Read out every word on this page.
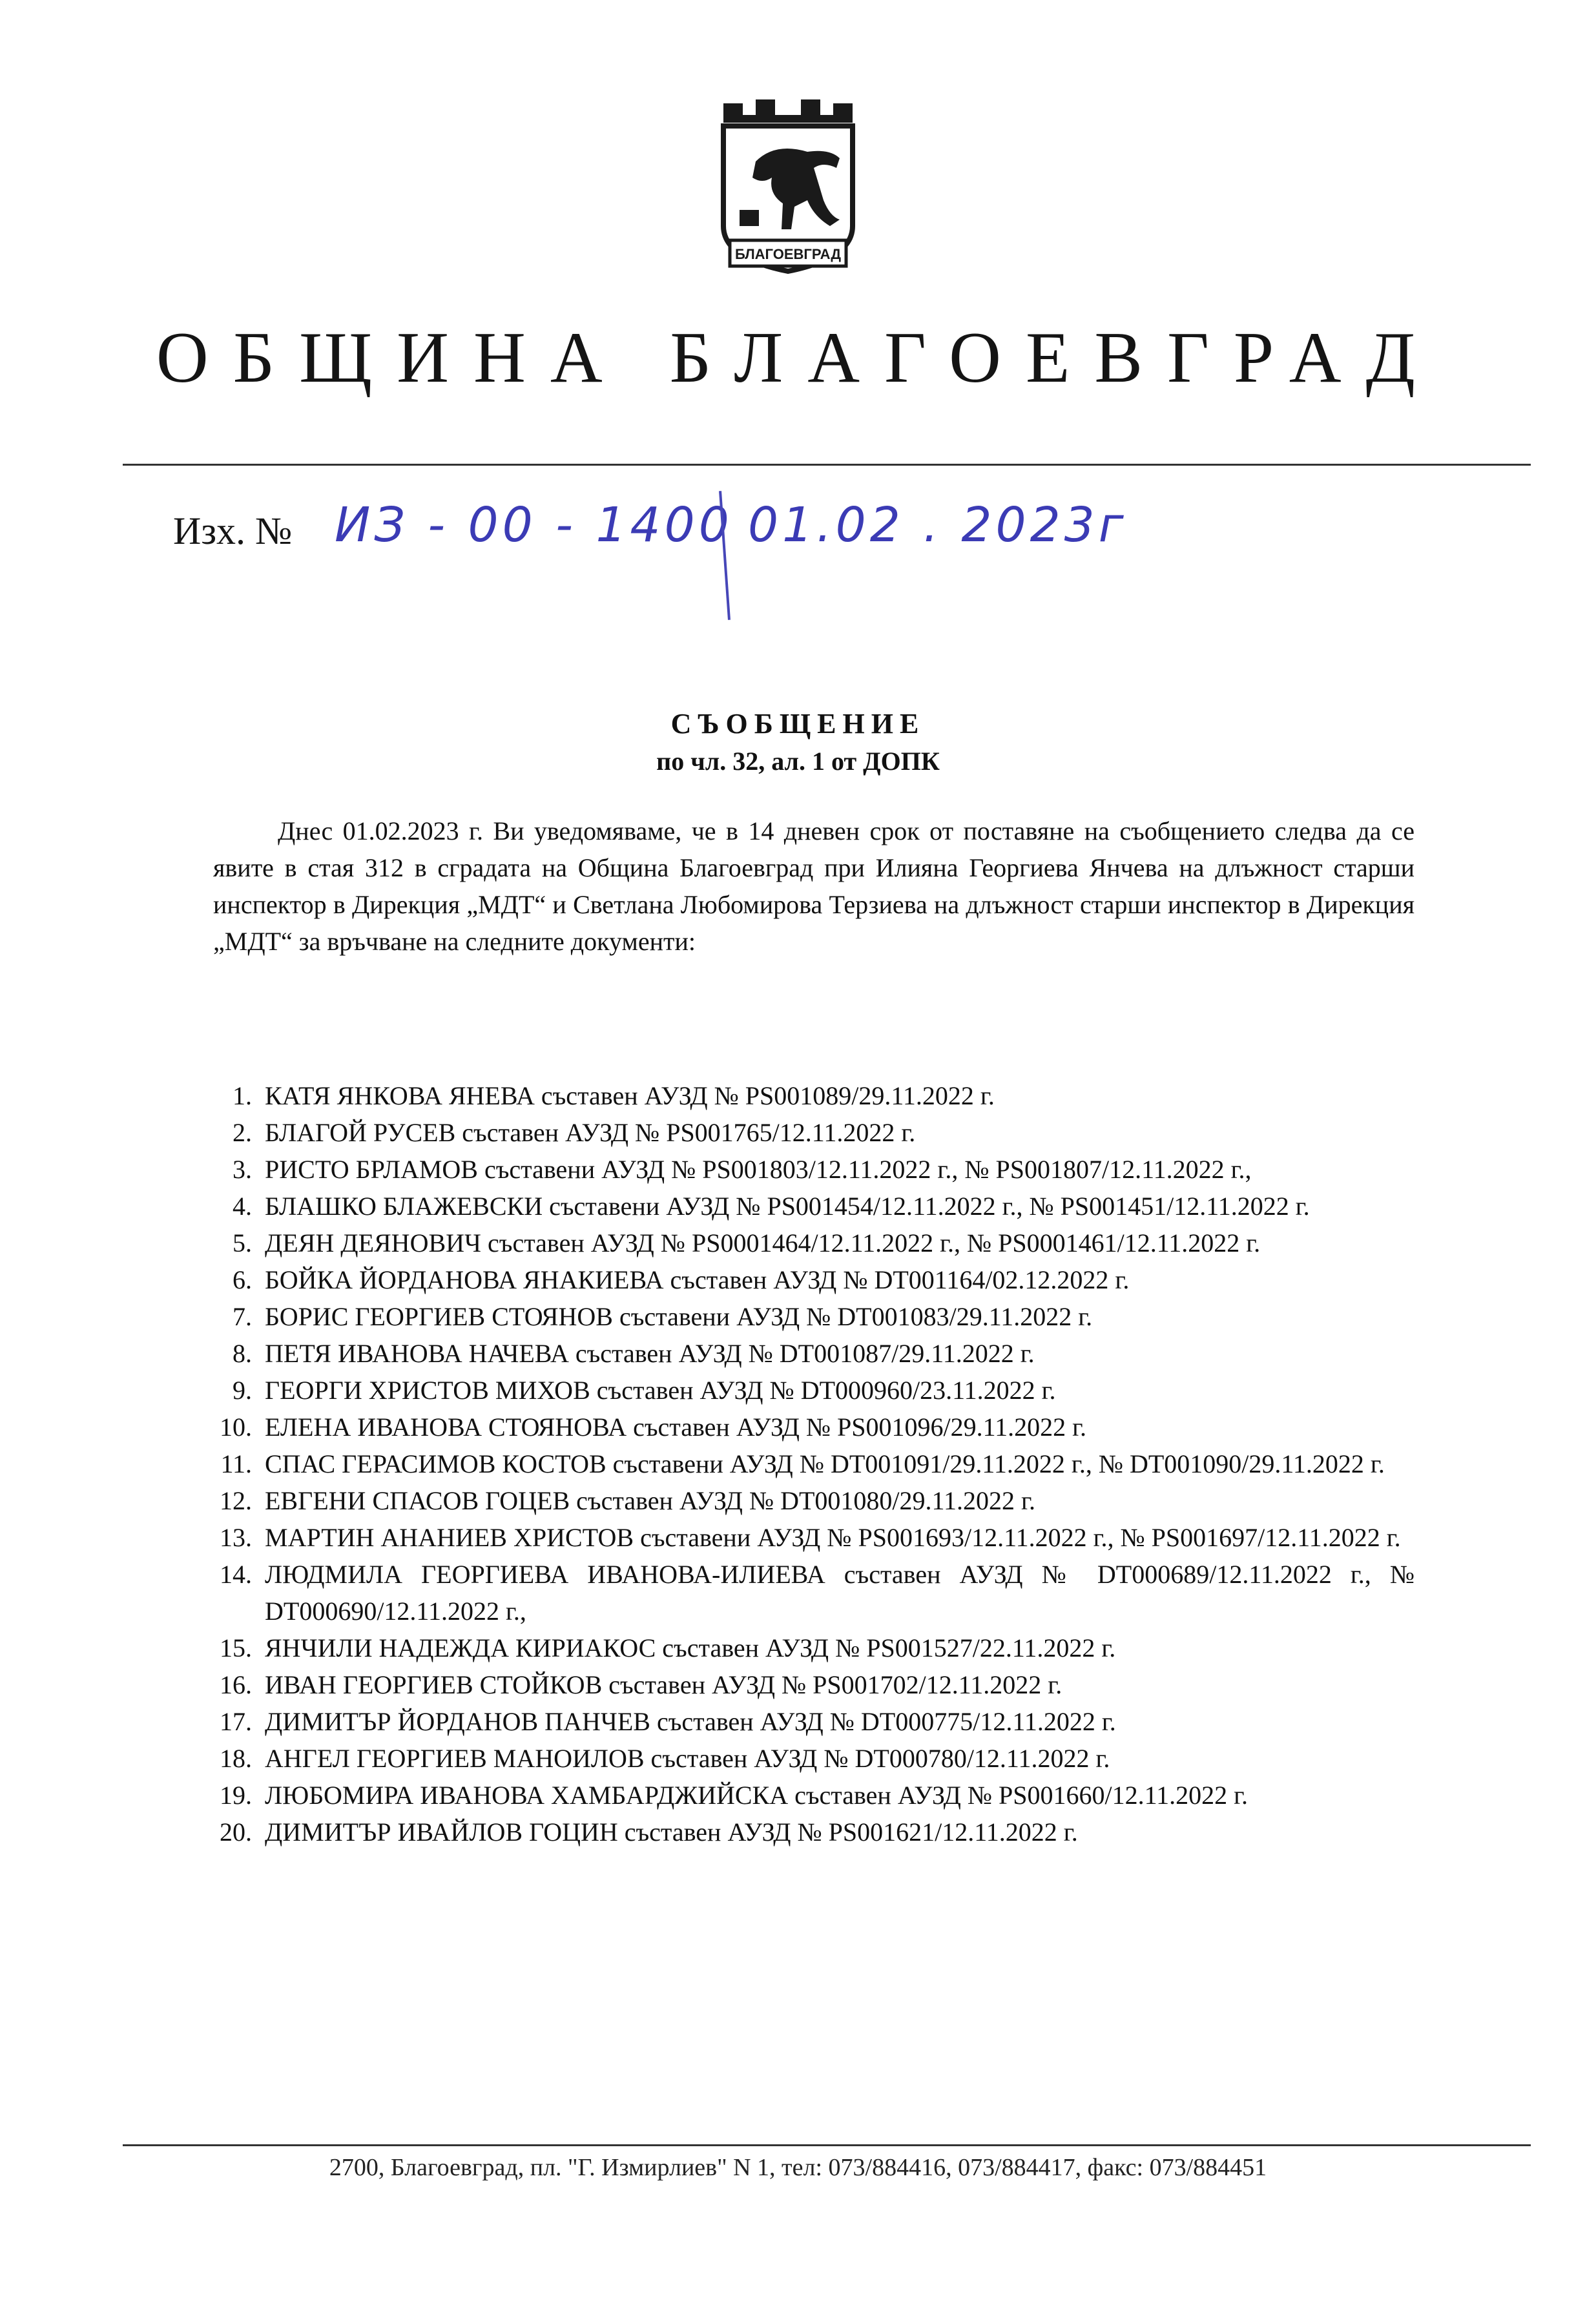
БЛАГОЕВГРАД
ОБЩИНА БЛАГОЕВГРАД
Изх. № ИЗ - 00 - 1400 01.02 . 2023г
СЪОБЩЕНИЕ
по чл. 32, ал. 1 от ДОПК
Днес 01.02.2023 г. Ви уведомяваме, че в 14 дневен срок от поставяне на съобщението следва да се явите в стая 312 в сградата на Община Благоевград при Илияна Георгиева Янчева на длъжност старши инспектор в Дирекция „МДТ“ и Светлана Любомирова Терзиева на длъжност старши инспектор в Дирекция „МДТ“ за връчване на следните документи:
1. КАТЯ ЯНКОВА ЯНЕВА съставен АУЗД № PS001089/29.11.2022 г.
2. БЛАГОЙ РУСЕВ съставен АУЗД № PS001765/12.11.2022 г.
3. РИСТО БРЛАМОВ съставени АУЗД № PS001803/12.11.2022 г., № PS001807/12.11.2022 г.,
4. БЛАШКО БЛАЖЕВСКИ съставени АУЗД № PS001454/12.11.2022 г., № PS001451/12.11.2022 г.
5. ДЕЯН ДЕЯНОВИЧ съставен АУЗД № PS0001464/12.11.2022 г., № PS0001461/12.11.2022 г.
6. БОЙКА ЙОРДАНОВА ЯНАКИЕВА съставен АУЗД № DT001164/02.12.2022 г.
7. БОРИС ГЕОРГИЕВ СТОЯНОВ съставени АУЗД № DT001083/29.11.2022 г.
8. ПЕТЯ ИВАНОВА НАЧЕВА съставен АУЗД № DT001087/29.11.2022 г.
9. ГЕОРГИ ХРИСТОВ МИХОВ съставен АУЗД № DT000960/23.11.2022 г.
10. ЕЛЕНА ИВАНОВА СТОЯНОВА съставен АУЗД № PS001096/29.11.2022 г.
11. СПАС ГЕРАСИМОВ КОСТОВ съставени АУЗД № DT001091/29.11.2022 г., № DT001090/29.11.2022 г.
12. ЕВГЕНИ СПАСОВ ГОЦЕВ съставен АУЗД № DT001080/29.11.2022 г.
13. МАРТИН АНАНИЕВ ХРИСТОВ съставени АУЗД № PS001693/12.11.2022 г., № PS001697/12.11.2022 г.
14. ЛЮДМИЛА ГЕОРГИЕВА ИВАНОВА-ИЛИЕВА съставен АУЗД № DT000689/12.11.2022 г., № DT000690/12.11.2022 г.,
15. ЯНЧИЛИ НАДЕЖДА КИРИАКОС съставен АУЗД № PS001527/22.11.2022 г.
16. ИВАН ГЕОРГИЕВ СТОЙКОВ съставен АУЗД № PS001702/12.11.2022 г.
17. ДИМИТЪР ЙОРДАНОВ ПАНЧЕВ съставен АУЗД № DT000775/12.11.2022 г.
18. АНГЕЛ ГЕОРГИЕВ МАНОИЛОВ съставен АУЗД № DT000780/12.11.2022 г.
19. ЛЮБОМИРА ИВАНОВА ХАМБАРДЖИЙСКА съставен АУЗД № PS001660/12.11.2022 г.
20. ДИМИТЪР ИВАЙЛОВ ГОЦИН съставен АУЗД № PS001621/12.11.2022 г.
2700, Благоевград, пл. "Г. Измирлиев" N 1, тел: 073/884416, 073/884417, факс: 073/884451
